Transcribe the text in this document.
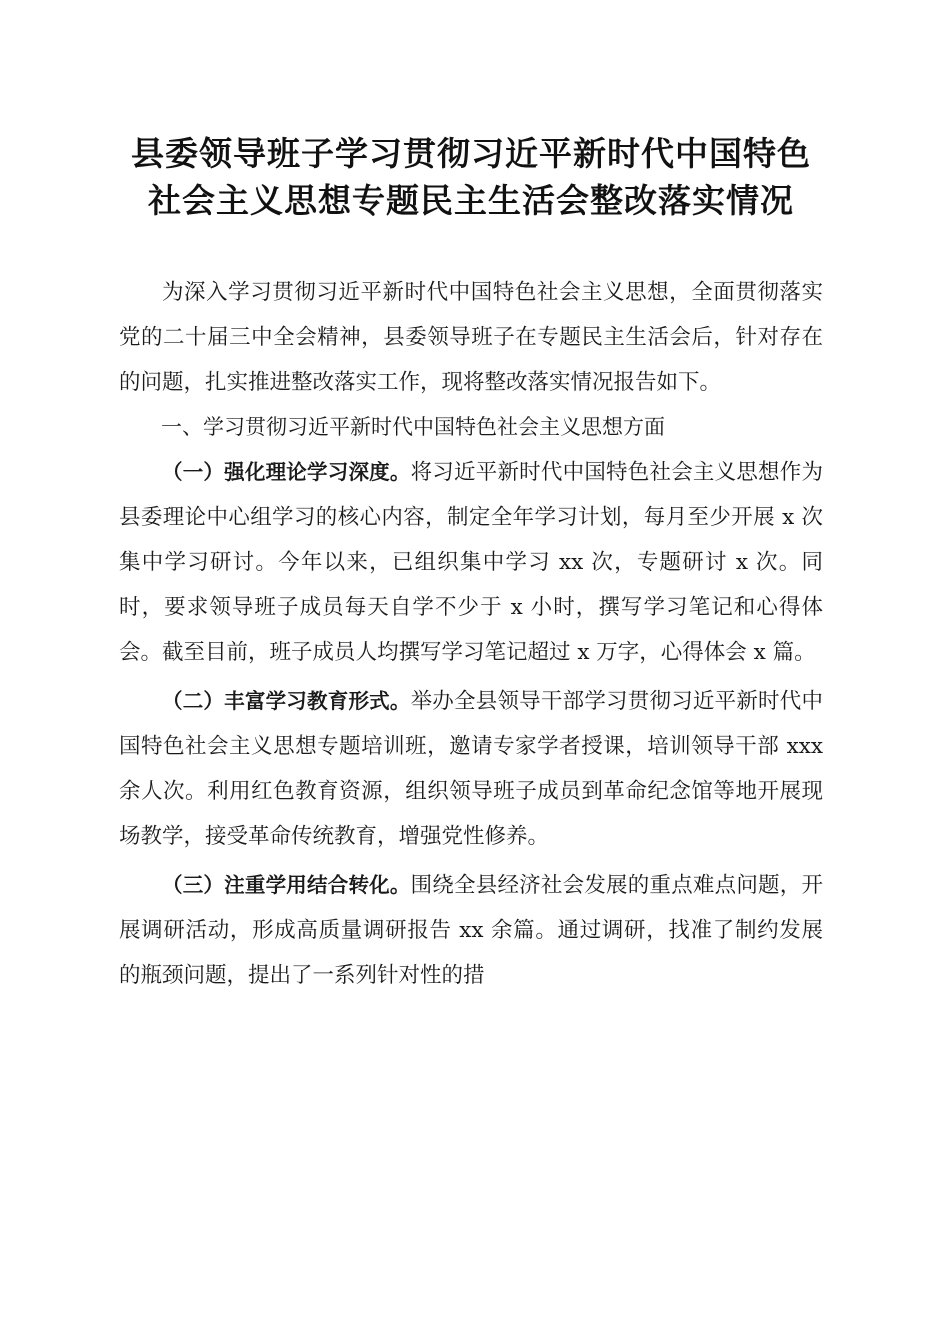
县委领导班子学习贯彻习近平新时代中国特色
社会主义思想专题民主生活会整改落实情况

为深入学习贯彻习近平新时代中国特色社会主义思想，全面贯彻落实党的二十届三中全会精神，县委领导班子在专题民主生活会后，针对存在的问题，扎实推进整改落实工作，现将整改落实情况报告如下。

一、学习贯彻习近平新时代中国特色社会主义思想方面

（一）强化理论学习深度。将习近平新时代中国特色社会主义思想作为县委理论中心组学习的核心内容，制定全年学习计划，每月至少开展 x 次集中学习研讨。今年以来，已组织集中学习 xx 次，专题研讨 x 次。同时，要求领导班子成员每天自学不少于 x 小时，撰写学习笔记和心得体会。截至目前，班子成员人均撰写学习笔记超过 x 万字，心得体会 x 篇。

（二）丰富学习教育形式。举办全县领导干部学习贯彻习近平新时代中国特色社会主义思想专题培训班，邀请专家学者授课，培训领导干部 xxx 余人次。利用红色教育资源，组织领导班子成员到革命纪念馆等地开展现场教学，接受革命传统教育，增强党性修养。

（三）注重学用结合转化。围绕全县经济社会发展的重点难点问题，开展调研活动，形成高质量调研报告 xx 余篇。通过调研，找准了制约发展的瓶颈问题，提出了一系列针对性的措
